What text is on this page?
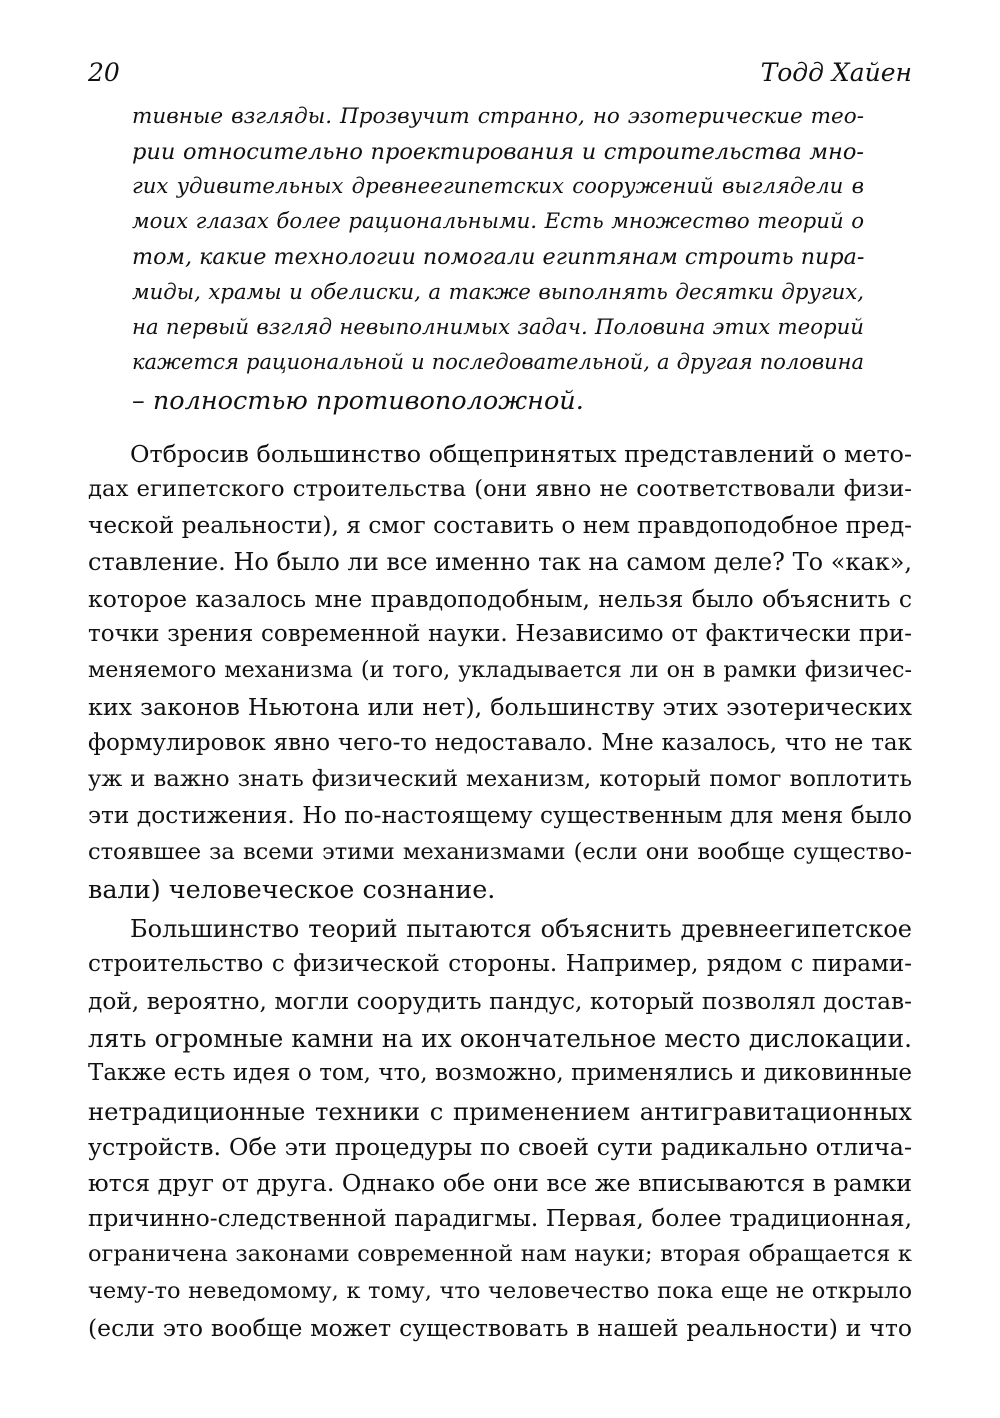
20	Тодд Хайен
тивные взгляды. Прозвучит странно, но эзотерические тео-
рии относительно проектирования и строительства мно-
гих удивительных древнеегипетских сооружений выглядели в
моих глазах более рациональными. Есть множество теорий о
том, какие технологии помогали египтянам строить пира-
миды, храмы и обелиски, а также выполнять десятки других,
на первый взгляд невыполнимых задач. Половина этих теорий
кажется рациональной и последовательной, а другая половина
– полностью противоположной.
Отбросив большинство общепринятых представлений о мето-
дах египетского строительства (они явно не соответствовали физи-
ческой реальности), я смог составить о нем правдоподобное пред-
ставление. Но было ли все именно так на самом деле? То «как»,
которое казалось мне правдоподобным, нельзя было объяснить с
точки зрения современной науки. Независимо от фактически при-
меняемого механизма (и того, укладывается ли он в рамки физичес-
ких законов Ньютона или нет), большинству этих эзотерических
формулировок явно чего-то недоставало. Мне казалось, что не так
уж и важно знать физический механизм, который помог воплотить
эти достижения. Но по-настоящему существенным для меня было
стоявшее за всеми этими механизмами (если они вообще существо-
вали) человеческое сознание.
Большинство теорий пытаются объяснить древнеегипетское
строительство с физической стороны. Например, рядом с пирами-
дой, вероятно, могли соорудить пандус, который позволял достав-
лять огромные камни на их окончательное место дислокации.
Также есть идея о том, что, возможно, применялись и диковинные
нетрадиционные техники с применением антигравитационных
устройств. Обе эти процедуры по своей сути радикально отлича-
ются друг от друга. Однако обе они все же вписываются в рамки
причинно-следственной парадигмы. Первая, более традиционная,
ограничена законами современной нам науки; вторая обращается к
чему-то неведомому, к тому, что человечество пока еще не открыло
(если это вообще может существовать в нашей реальности) и что
